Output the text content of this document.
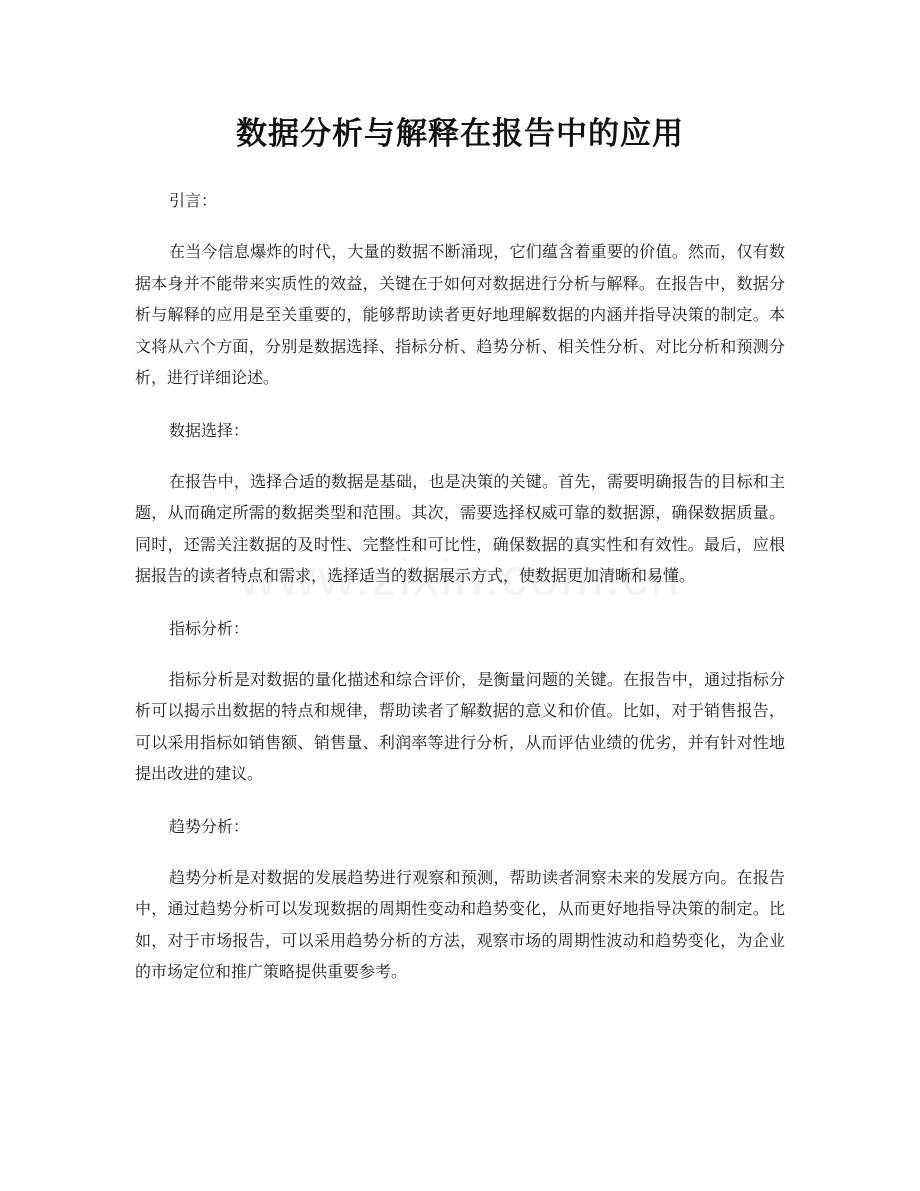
数据分析与解释在报告中的应用

引言：

在当今信息爆炸的时代，大量的数据不断涌现，它们蕴含着重要的价值。然而，仅有数据本身并不能带来实质性的效益，关键在于如何对数据进行分析与解释。在报告中，数据分析与解释的应用是至关重要的，能够帮助读者更好地理解数据的内涵并指导决策的制定。本文将从六个方面，分别是数据选择、指标分析、趋势分析、相关性分析、对比分析和预测分析，进行详细论述。

数据选择：

在报告中，选择合适的数据是基础，也是决策的关键。首先，需要明确报告的目标和主题，从而确定所需的数据类型和范围。其次，需要选择权威可靠的数据源，确保数据质量。同时，还需关注数据的及时性、完整性和可比性，确保数据的真实性和有效性。最后，应根据报告的读者特点和需求，选择适当的数据展示方式，使数据更加清晰和易懂。

指标分析：

指标分析是对数据的量化描述和综合评价，是衡量问题的关键。在报告中，通过指标分析可以揭示出数据的特点和规律，帮助读者了解数据的意义和价值。比如，对于销售报告，可以采用指标如销售额、销售量、利润率等进行分析，从而评估业绩的优劣，并有针对性地提出改进的建议。

趋势分析：

趋势分析是对数据的发展趋势进行观察和预测，帮助读者洞察未来的发展方向。在报告中，通过趋势分析可以发现数据的周期性变动和趋势变化，从而更好地指导决策的制定。比如，对于市场报告，可以采用趋势分析的方法，观察市场的周期性波动和趋势变化，为企业的市场定位和推广策略提供重要参考。
